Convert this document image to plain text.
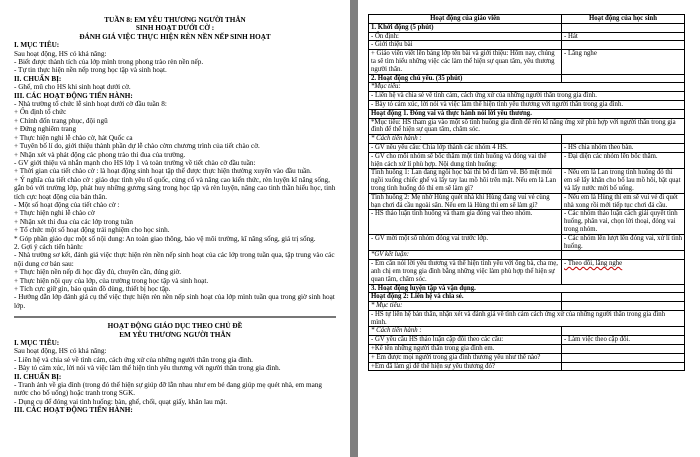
TUẦN 8: EM YÊU THƯƠNG NGƯỜI THÂN
SINH HOẠT DƯỚI CỜ :
ĐÁNH GIÁ VIỆC THỰC HIỆN RÈN NỀN NẾP SINH HOẠT
I. MỤC TIÊU:
Sau hoạt động, HS có khả năng:
- Biết được thành tích của lớp mình trong phong trào rèn nền nếp.
- Tự tin thực hiện nền nếp trong học tập và sinh hoạt.
II. CHUẨN BỊ:
- Ghế, mũ cho HS khi sinh hoạt dưới cờ.
III. CÁC HOẠT ĐỘNG TIẾN HÀNH:
- Nhà trường tổ chức lễ sinh hoạt dưới cờ đầu tuần 8:
+ Ổn định tổ chức
+ Chỉnh đốn trang phục, đội ngũ
+ Đứng nghiêm trang
+ Thực hiện nghi lễ chào cờ, hát Quốc ca
+ Tuyên bố lí do, giới thiệu thành phần dự lễ chào cờm chương trình của tiết chào cờ.
+ Nhận xét và phát động các phong trào thi đua của trường.
- GV giới thiệu và nhắn mạnh cho HS lớp 1 và toàn trường về tiết chào cờ đầu tuần:
+ Thời gian của tiết chào cờ : là hoạt động sinh hoạt tập thể được thực hiện thường xuyên vào đầu tuần.
+ Ý nghĩa của tiết chào cờ : giáo dục tình yêu tổ quốc, củng cố và nâng cao kiến thức, rèn luyện kĩ năng sống, gắn bó với trường lớp, phát huy những gương sáng trong học tập và rèn luyện, nâng cao tinh thần hiếu học, tinh tích cực hoạt động của bản thân.
- Một số hoạt động của tiết chào cờ :
+ Thực hiện nghi lễ chào cờ
+ Nhận xét thi đua của các lớp trong tuần
+ Tổ chức một số hoạt động trải nghiệm cho học sinh.
* Góp phần giáo dục một số nội dung: An toàn giao thông, bảo vệ môi trường, kĩ năng sống, giá trị sống.
2. Gợi ý cách tiến hành:
- Nhà trường sơ kết, đánh giá việc thực hiện rèn nền nếp sinh hoạt của các lớp trong tuần qua, tập trung vào các nội dung cơ bản sau:
+ Thực hiện nền nếp đi học đầy đủ, chuyên cần, đúng giờ.
+ Thực hiện nội quy của lớp, của trường trong học tập và sinh hoạt.
+ Tích cực giữ gìn, bảo quản đồ dùng, thiết bị học tập.
- Hướng dẫn lớp đánh giá cụ thể việc thực hiện rèn nền nếp sinh hoạt của lớp mình tuần qua trong giờ sinh hoạt lớp.
HOẠT ĐỘNG GIÁO DỤC THEO CHỦ ĐỀ
EM YÊU THƯƠNG NGƯỜI THÂN
I. MỤC TIÊU:
Sau hoạt động, HS có khả năng:
- Liên hệ và chia sẻ về tình cảm, cách ứng xử của những người thân trong gia đình.
- Bày tỏ cảm xúc, lời nói và việc làm thể hiện tình yêu thương với người thân trong gia đình.
II. CHUẨN BỊ:
- Tranh ảnh về gia đình (trong đó thể hiện sự giúp đỡ lẫn nhau như em bé đang giúp mẹ quét nhà, em mang nước cho bố uống) hoặc tranh trong SGK.
- Dụng cụ để đóng vai tình huống: bàn, ghế, chổi, quạt giấy, khăn lau mặt.
III. CÁC HOẠT ĐỘNG TIẾN HÀNH:
Hoạt động của giáo viên	Hoạt động của học sinh
1. Khởi động (5 phút)	
- Ổn định:	- Hát
- Giới thiệu bài	
+ Giáo viên viết lên bảng lớp tên bài và giới thiệu: Hôm nay, chúng ta sẽ tìm hiểu những việc các làm thể hiện sự quan tâm, yêu thương người thân.	- Lắng nghe
2. Hoạt động chủ yếu. (35 phút)	
*Mục tiêu:	
- Liên hệ và chia sẻ về tình cảm, cách ứng xử của những người thân trong gia đình.	
- Bày tỏ cảm xúc, lời nói và việc làm thể hiện tình yêu thương với người thân trong gia đình.	
Hoạt động 1. Đóng vai và thực hành nói lời yêu thương.	
*Mục tiêu: HS tham gia vào một số tình huống gia đình để rèn kĩ năng ứng xử phù hợp với người thân trong gia đình để thể hiện sự quan tâm, chăm sóc.	
* Cách tiến hành :	
- GV nêu yêu cầu: Chia lớp thành các nhóm 4 HS.	- HS chia nhóm theo bàn.
- GV cho mỗi nhóm sẽ bốc thăm một tình huống và đóng vai thể hiện cách xử lí phù hợp. Nội dung tình huống:	- Đại diện các nhóm lên bốc thăm.
Tình huống 1: Lan đang ngồi học bài thì bố đi làm về. Bố mệt mỏi ngồi xuống chiếc ghế và lấy tay lau mồ hôi trên mặt. Nếu em là Lan trong tình huống đó thì em sẽ làm gì?	- Nếu em là Lan trong tình huống đó thì em sẽ lấy khăn cho bố lau mồ hôi, bật quạt và lấy nước mời bố uống.
Tình huống 2: Mẹ nhờ Hùng quét nhà khi Hùng đang vui vẻ cùng bạn chơi đá cầu ngoài sân. Nếu em là Hùng thì em sẽ làm gì?	- Nếu em là Hùng thì em sẽ vui vẻ đi quét nhà xong rồi mới tiếp tục chơi đá cầu.
- HS thảo luận tình huống và tham gia đóng vai theo nhóm.	- Các nhóm thảo luận cách giải quyết tình huống, phân vai, chọn lời thoại, đóng vai trong nhóm.
- GV mời một số nhóm đóng vai trước lớp.	- Các nhóm lên lượt lên đóng vai, xử lí tình huống.
*GV kết luận:	
- Em cần nói lời yêu thương và thể hiện tình yêu với ông bà, cha mẹ, anh chị em trong gia đình bằng những việc làm phù hợp thể hiện sự quan tâm, chăm sóc.	- Theo dõi, lắng nghe
3. Hoạt động luyện tập và vận dụng.	
Hoạt động 2: Liên hệ và chia sẻ.	
* Mục tiêu:	
- HS tự liên hệ bản thân, nhận xét và đánh giá về tình cảm cách ứng xử của những người thân trong gia đình mình.	
* Cách tiến hành :	
- GV yêu cầu HS thảo luận cặp đôi theo các câu:	- Làm việc theo cặp đôi.
+Kể tên những người thân trong gia đình em.	
+ Em được mọi người trong gia đình thương yêu như thế nào?	
+Em đã làm gì để thể hiện sự yêu thương đó?	
